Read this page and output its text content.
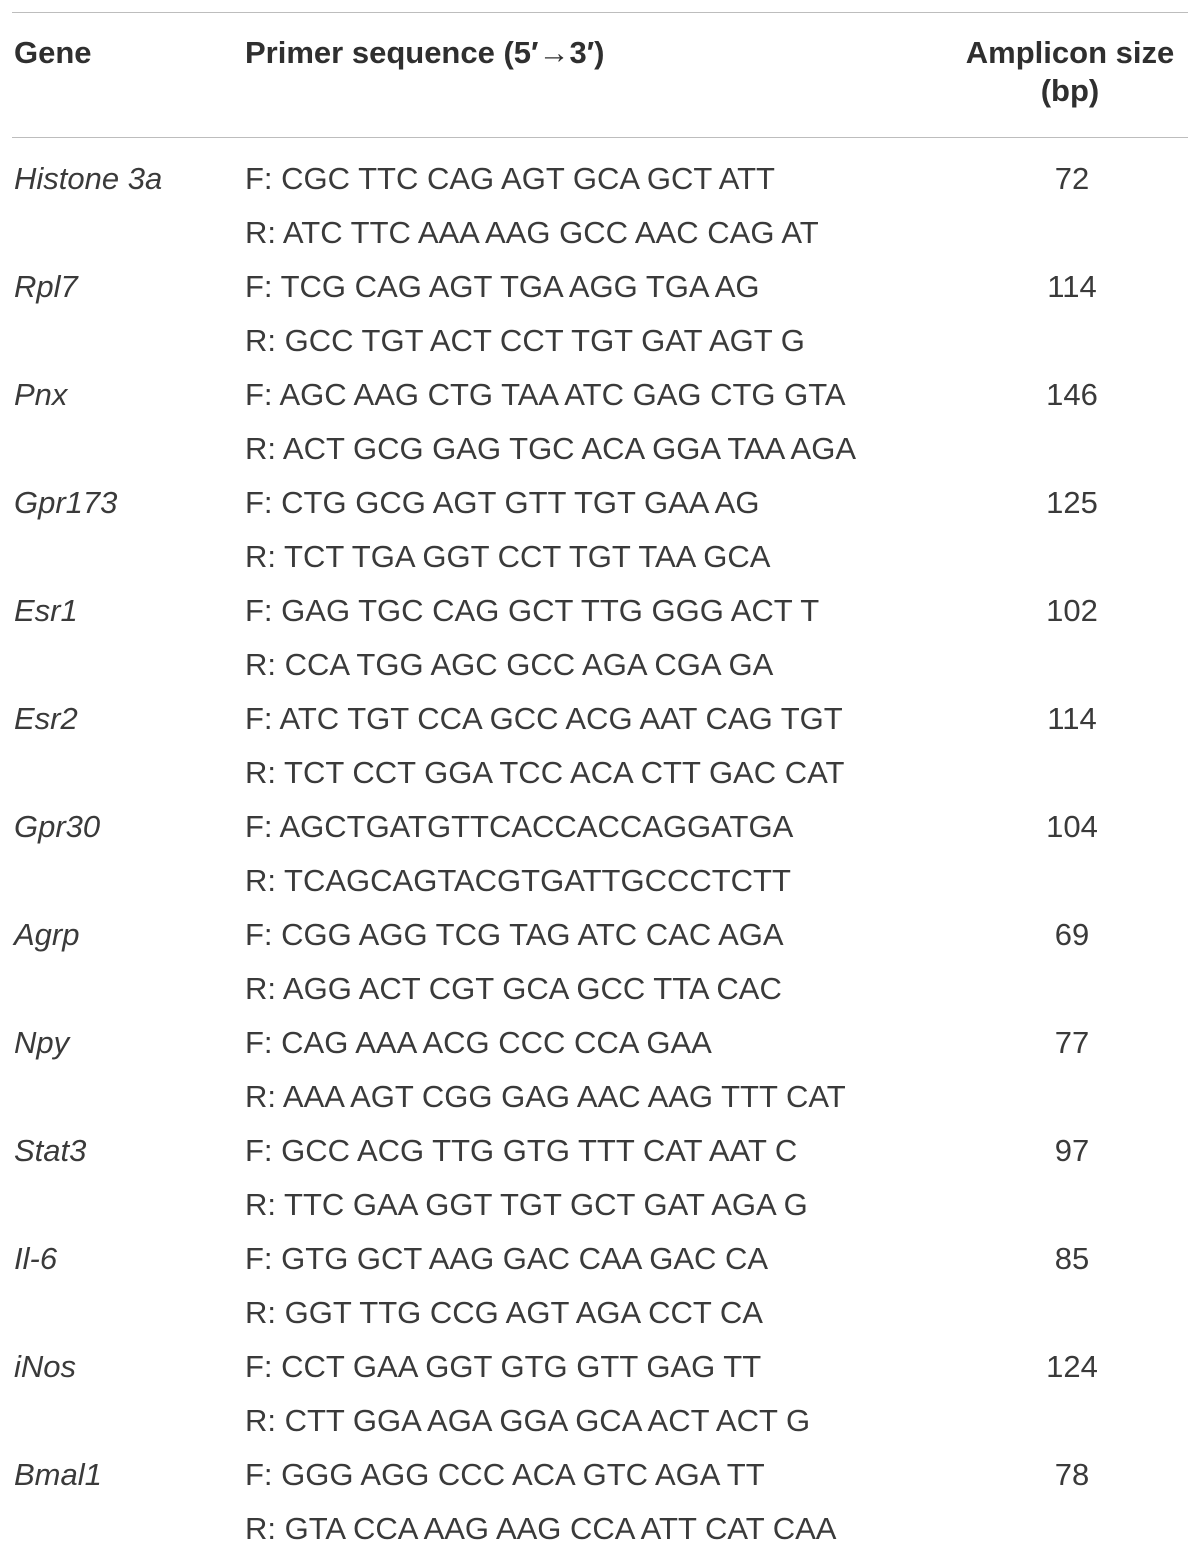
Gene	Primer sequence (5′→3′)	Amplicon size
(bp)
Histone 3a	F: CGC TTC CAG AGT GCA GCT ATT	72
R: ATC TTC AAA AAG GCC AAC CAG AT
Rpl7	F: TCG CAG AGT TGA AGG TGA AG	114
R: GCC TGT ACT CCT TGT GAT AGT G
Pnx	F: AGC AAG CTG TAA ATC GAG CTG GTA	146
R: ACT GCG GAG TGC ACA GGA TAA AGA
Gpr173	F: CTG GCG AGT GTT TGT GAA AG	125
R: TCT TGA GGT CCT TGT TAA GCA
Esr1	F: GAG TGC CAG GCT TTG GGG ACT T	102
R: CCA TGG AGC GCC AGA CGA GA
Esr2	F: ATC TGT CCA GCC ACG AAT CAG TGT	114
R: TCT CCT GGA TCC ACA CTT GAC CAT
Gpr30	F: AGCTGATGTTCACCACCAGGATGA	104
R: TCAGCAGTACGTGATTGCCCTCTT
Agrp	F: CGG AGG TCG TAG ATC CAC AGA	69
R: AGG ACT CGT GCA GCC TTA CAC
Npy	F: CAG AAA ACG CCC CCA GAA	77
R: AAA AGT CGG GAG AAC AAG TTT CAT
Stat3	F: GCC ACG TTG GTG TTT CAT AAT C	97
R: TTC GAA GGT TGT GCT GAT AGA G
Il-6	F: GTG GCT AAG GAC CAA GAC CA	85
R: GGT TTG CCG AGT AGA CCT CA
iNos	F: CCT GAA GGT GTG GTT GAG TT	124
R: CTT GGA AGA GGA GCA ACT ACT G
Bmal1	F: GGG AGG CCC ACA GTC AGA TT	78
R: GTA CCA AAG AAG CCA ATT CAT CAA
